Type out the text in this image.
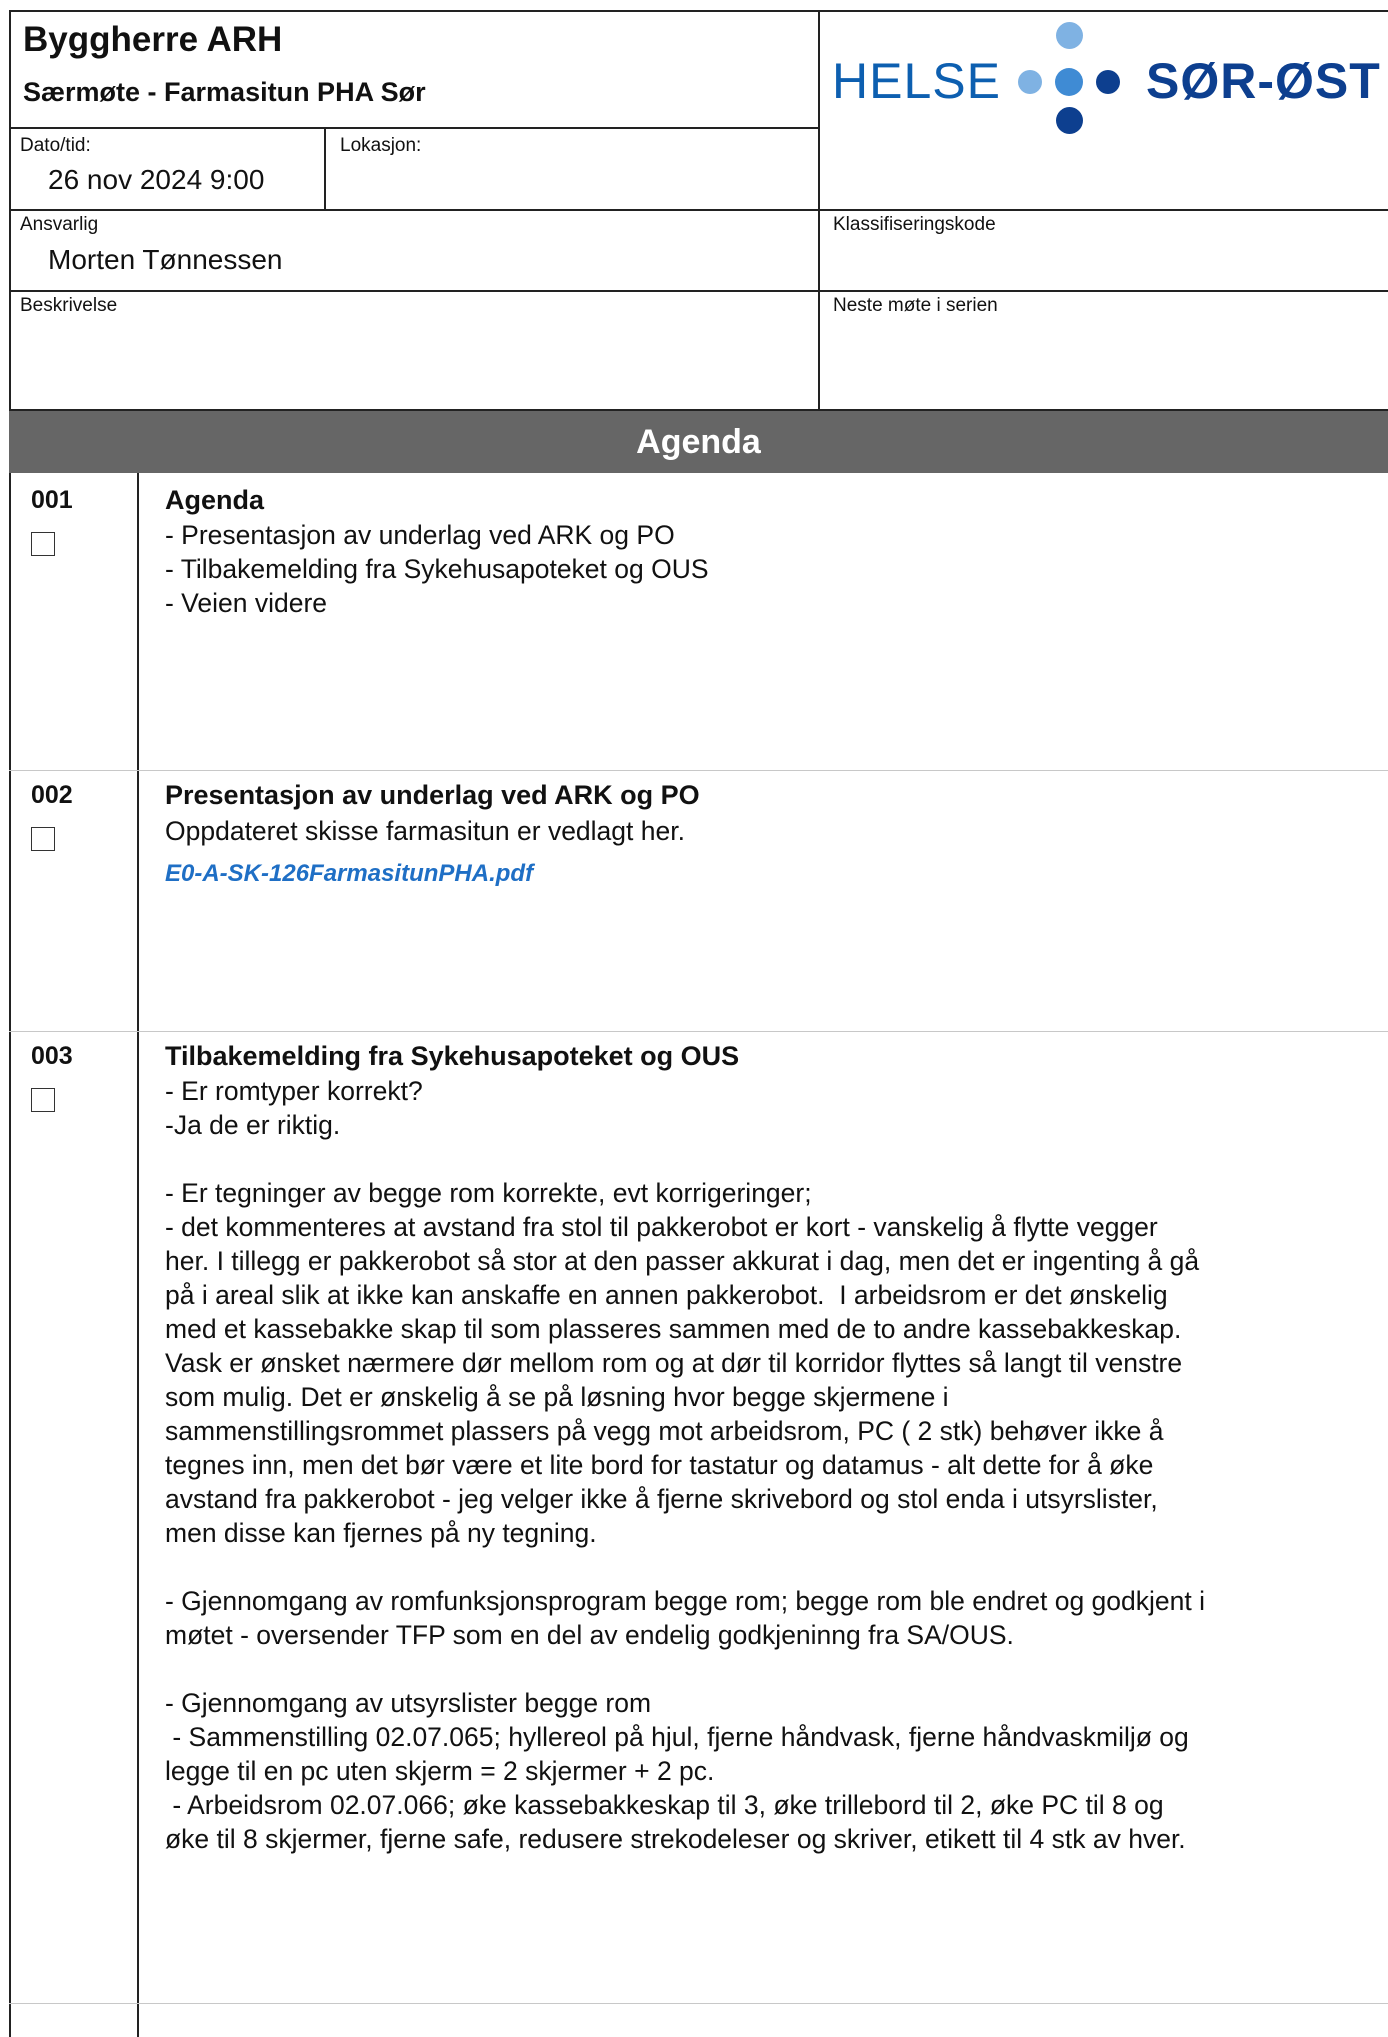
Byggherre ARH
Særmøte - Farmasitun PHA Sør	HELSE	SØR-ØST
Dato/tid:
26 nov 2024 9:00
Lokasjon:
Ansvarlig
Morten Tønnessen
Klassifiseringskode
Beskrivelse	Neste møte i serien
Agenda
001	Agenda
- Presentasjon av underlag ved ARK og PO
- Tilbakemelding fra Sykehusapoteket og OUS
- Veien videre
002	Presentasjon av underlag ved ARK og PO
Oppdateret skisse farmasitun er vedlagt her.
E0-A-SK-126FarmasitunPHA.pdf
003	Tilbakemelding fra Sykehusapoteket og OUS
- Er romtyper korrekt?
-Ja de er riktig.

- Er tegninger av begge rom korrekte, evt korrigeringer;
- det kommenteres at avstand fra stol til pakkerobot er kort - vanskelig å flytte vegger
her. I tillegg er pakkerobot så stor at den passer akkurat i dag, men det er ingenting å gå
på i areal slik at ikke kan anskaffe en annen pakkerobot.  I arbeidsrom er det ønskelig
med et kassebakke skap til som plasseres sammen med de to andre kassebakkeskap.
Vask er ønsket nærmere dør mellom rom og at dør til korridor flyttes så langt til venstre
som mulig. Det er ønskelig å se på løsning hvor begge skjermene i
sammenstillingsrommet plassers på vegg mot arbeidsrom, PC ( 2 stk) behøver ikke å
tegnes inn, men det bør være et lite bord for tastatur og datamus - alt dette for å øke
avstand fra pakkerobot - jeg velger ikke å fjerne skrivebord og stol enda i utsyrslister,
men disse kan fjernes på ny tegning.

- Gjennomgang av romfunksjonsprogram begge rom; begge rom ble endret og godkjent i
møtet - oversender TFP som en del av endelig godkjeninng fra SA/OUS.

- Gjennomgang av utsyrslister begge rom
- Sammenstilling 02.07.065; hyllereol på hjul, fjerne håndvask, fjerne håndvaskmiljø og
legge til en pc uten skjerm = 2 skjermer + 2 pc.
- Arbeidsrom 02.07.066; øke kassebakkeskap til 3, øke trillebord til 2, øke PC til 8 og
øke til 8 skjermer, fjerne safe, redusere strekodeleser og skriver, etikett til 4 stk av hver.
